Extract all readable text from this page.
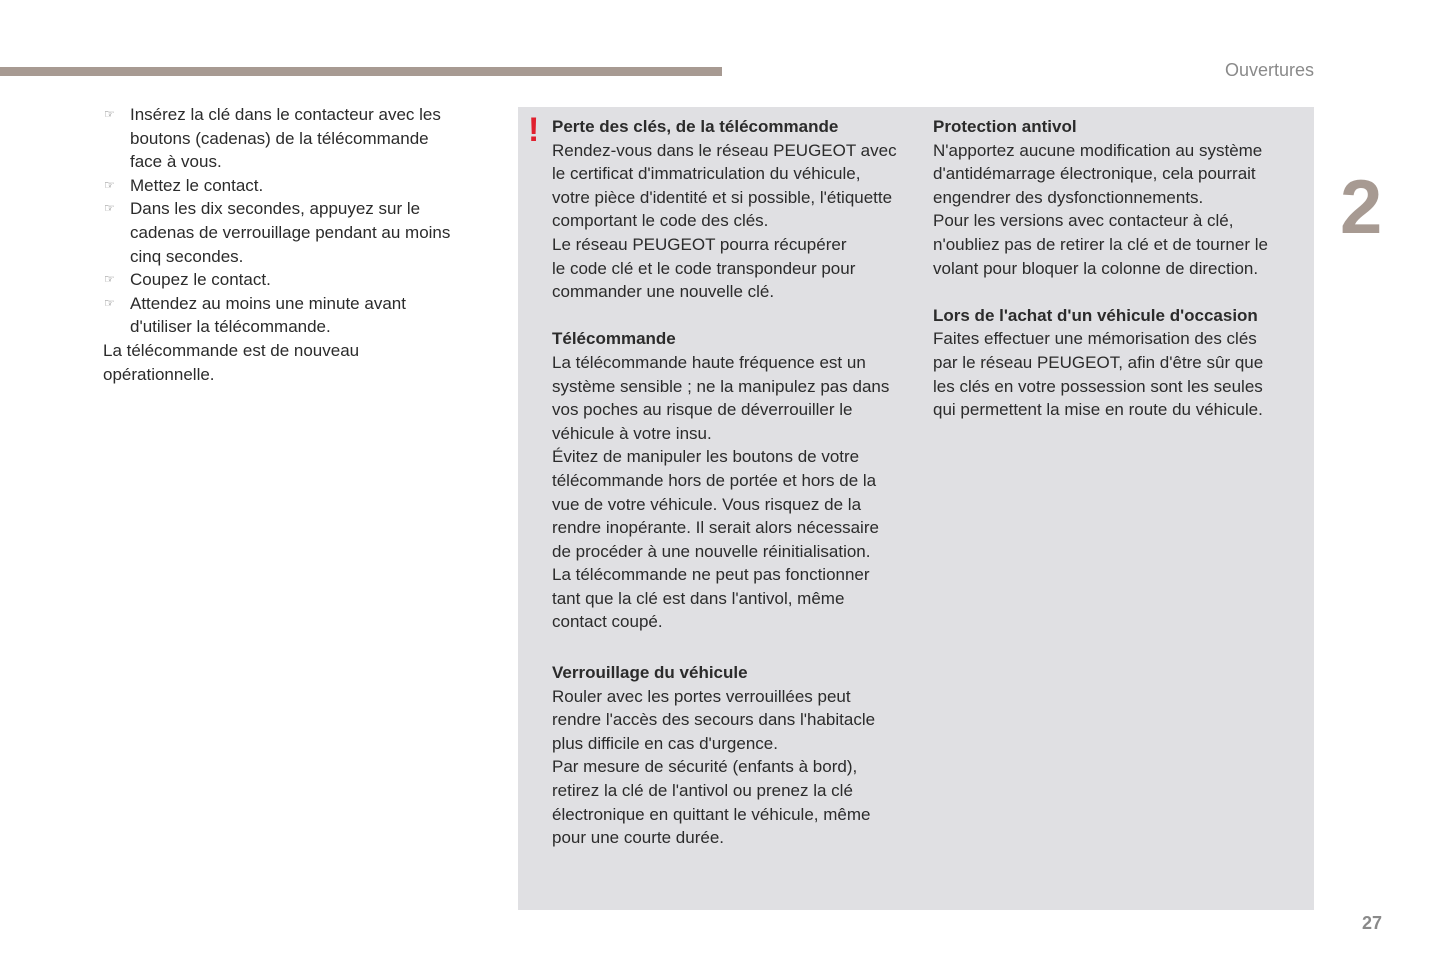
Ouvertures
2
27
☞ Insérez la clé dans le contacteur avec les
boutons (cadenas) de la télécommande
face à vous.
☞ Mettez le contact.
☞ Dans les dix secondes, appuyez sur le
cadenas de verrouillage pendant au moins
cinq secondes.
☞ Coupez le contact.
☞ Attendez au moins une minute avant
d'utiliser la télécommande.

La télécommande est de nouveau
opérationnelle.

! Perte des clés, de la télécommande
Rendez-vous dans le réseau PEUGEOT avec
le certificat d'immatriculation du véhicule,
votre pièce d'identité et si possible, l'étiquette
comportant le code des clés.
Le réseau PEUGEOT pourra récupérer
le code clé et le code transpondeur pour
commander une nouvelle clé.
Télécommande
La télécommande haute fréquence est un
système sensible ; ne la manipulez pas dans
vos poches au risque de déverrouiller le
véhicule à votre insu.
Évitez de manipuler les boutons de votre
télécommande hors de portée et hors de la
vue de votre véhicule. Vous risquez de la
rendre inopérante. Il serait alors nécessaire
de procéder à une nouvelle réinitialisation.
La télécommande ne peut pas fonctionner
tant que la clé est dans l'antivol, même
contact coupé.
Verrouillage du véhicule
Rouler avec les portes verrouillées peut
rendre l'accès des secours dans l'habitacle
plus difficile en cas d'urgence.
Par mesure de sécurité (enfants à bord),
retirez la clé de l'antivol ou prenez la clé
électronique en quittant le véhicule, même
pour une courte durée.
Protection antivol
N'apportez aucune modification au système
d'antidémarrage électronique, cela pourrait
engendrer des dysfonctionnements.
Pour les versions avec contacteur à clé,
n'oubliez pas de retirer la clé et de tourner le
volant pour bloquer la colonne de direction.
Lors de l'achat d'un véhicule d'occasion
Faites effectuer une mémorisation des clés
par le réseau PEUGEOT, afin d'être sûr que
les clés en votre possession sont les seules
qui permettent la mise en route du véhicule.
